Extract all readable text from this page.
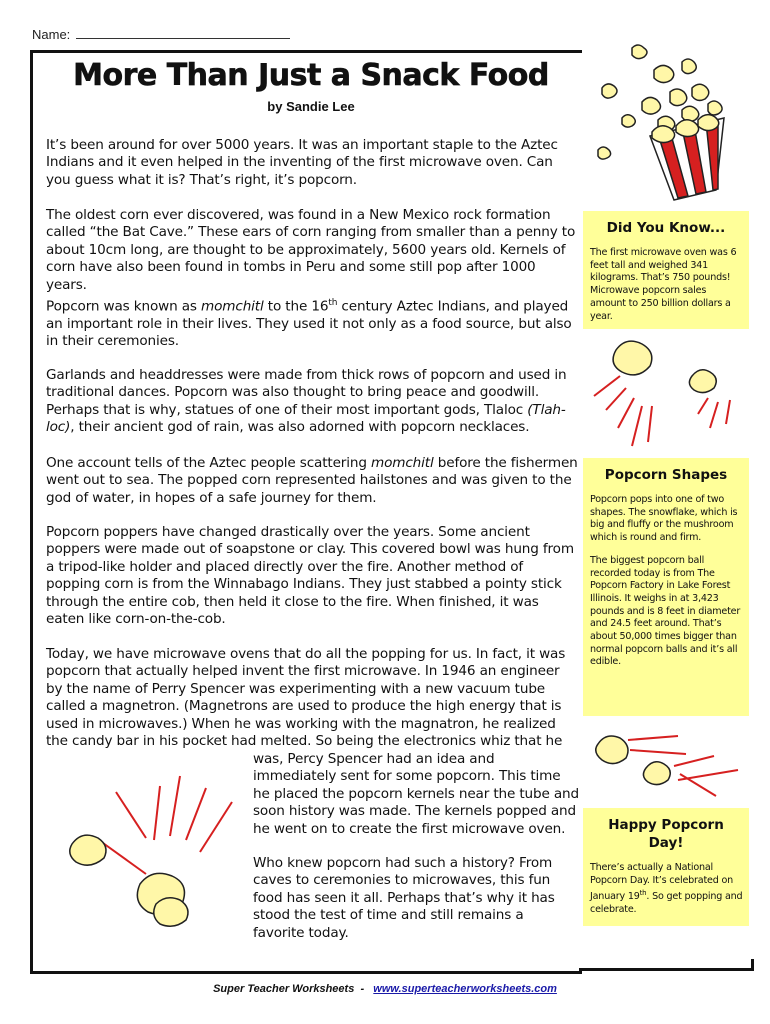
Name:
More Than Just a Snack Food
by Sandie Lee

It’s been around for over 5000 years. It was an important staple to the Aztec Indians and it even helped in the inventing of the first microwave oven. Can you guess what it is? That’s right, it’s popcorn.

The oldest corn ever discovered, was found in a New Mexico rock formation called “the Bat Cave.” These ears of corn ranging from smaller than a penny to about 10cm long, are thought to be approximately, 5600 years old. Kernels of corn have also been found in tombs in Peru and some still pop after 1000 years.

Popcorn was known as momchitl to the 16th century Aztec Indians, and played an important role in their lives. They used it not only as a food source, but also in their ceremonies.

Garlands and headdresses were made from thick rows of popcorn and used in traditional dances. Popcorn was also thought to bring peace and goodwill. Perhaps that is why, statues of one of their most important gods, Tlaloc (Tlah-loc), their ancient god of rain, was also adorned with popcorn necklaces.

One account tells of the Aztec people scattering momchitl before the fishermen went out to sea. The popped corn represented hailstones and was given to the god of water, in hopes of a safe journey for them.

Popcorn poppers have changed drastically over the years. Some ancient poppers were made out of soapstone or clay. This covered bowl was hung from a tripod-like holder and placed directly over the fire. Another method of popping corn is from the Winnabago Indians. They just stabbed a pointy stick through the entire cob, then held it close to the fire. When finished, it was eaten like corn-on-the-cob.

Today, we have microwave ovens that do all the popping for us. In fact, it was popcorn that actually helped invent the first microwave. In 1946 an engineer by the name of Perry Spencer was experimenting with a new vacuum tube called a magnetron. (Magnetrons are used to produce the high energy that is used in microwaves.) When he was working with the magnatron, he realized the candy bar in his pocket had melted. So being the electronics whiz that he

was, Percy Spencer had an idea and immediately sent for some popcorn. This time he placed the popcorn kernels near the tube and soon history was made. The kernels popped and he went on to create the first microwave oven.

Who knew popcorn had such a history? From caves to ceremonies to microwaves, this fun food has seen it all. Perhaps that’s why it has stood the test of time and still remains a favorite today.

Did You Know...

The first microwave oven was 6 feet tall and weighed 341 kilograms. That’s 750 pounds! Microwave popcorn sales amount to 250 billion dollars a year.

Popcorn Shapes

Popcorn pops into one of two shapes. The snowflake, which is big and fluffy or the mushroom which is round and firm.

The biggest popcorn ball recorded today is from The Popcorn Factory in Lake Forest Illinois. It weighs in at 3,423 pounds and is 8 feet in diameter and 24.5 feet around. That’s about 50,000 times bigger than normal popcorn balls and it’s all edible.

Happy Popcorn Day!

There’s actually a National Popcorn Day. It’s celebrated on January 19th. So get popping and celebrate.

Super Teacher Worksheets - www.superteacherworksheets.com
